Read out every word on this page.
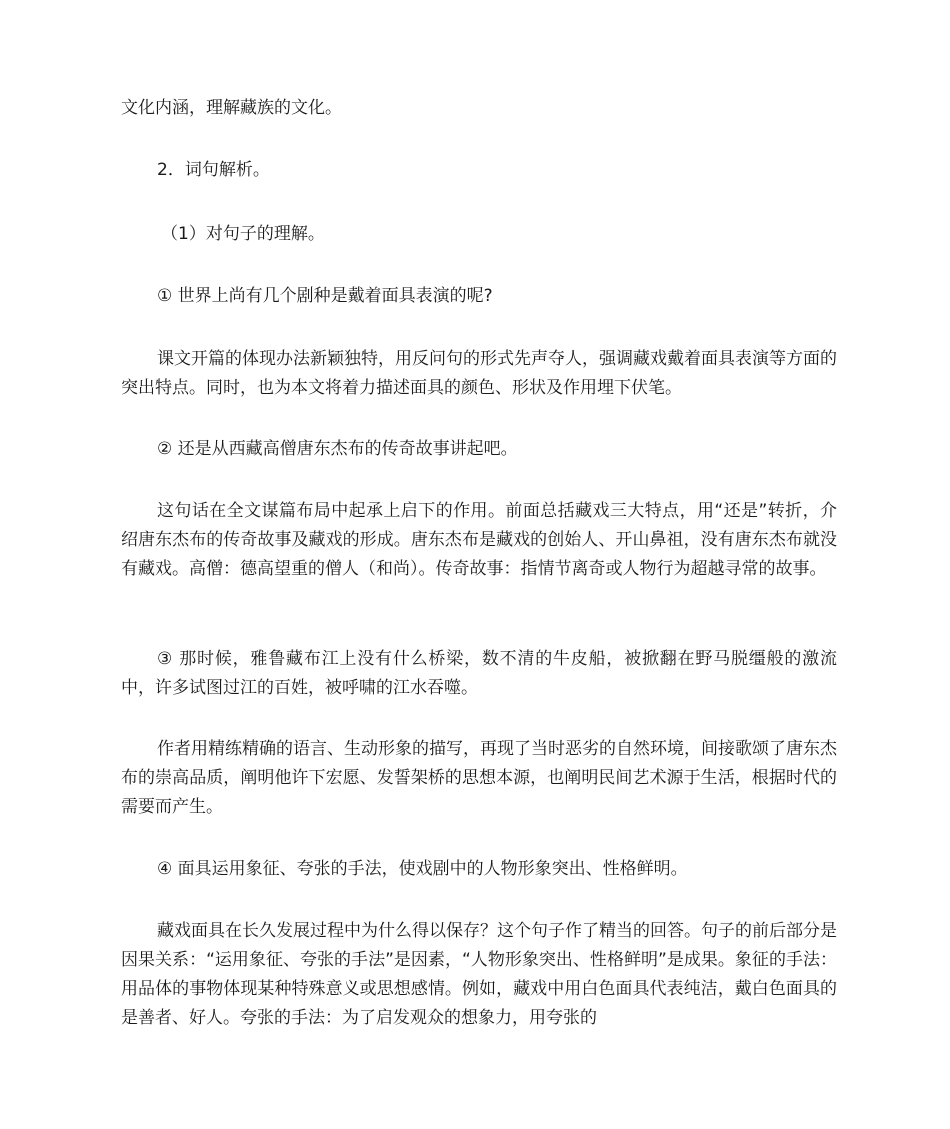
文化内涵，理解藏族的文化。

2．词句解析。

（1）对句子的理解。

① 世界上尚有几个剧种是戴着面具表演的呢?

课文开篇的体现办法新颖独特，用反问句的形式先声夺人，强调藏戏戴着面具表演等方面的突出特点。同时，也为本文将着力描述面具的颜色、形状及作用埋下伏笔。

② 还是从西藏高僧唐东杰布的传奇故事讲起吧。

这句话在全文谋篇布局中起承上启下的作用。前面总括藏戏三大特点，用“还是”转折，介绍唐东杰布的传奇故事及藏戏的形成。唐东杰布是藏戏的创始人、开山鼻祖，没有唐东杰布就没有藏戏。高僧：德高望重的僧人（和尚）。传奇故事：指情节离奇或人物行为超越寻常的故事。

③ 那时候，雅鲁藏布江上没有什么桥梁，数不清的牛皮船，被掀翻在野马脱缰般的激流中，许多试图过江的百姓，被呼啸的江水吞噬。

作者用精练精确的语言、生动形象的描写，再现了当时恶劣的自然环境，间接歌颂了唐东杰布的崇高品质，阐明他许下宏愿、发誓架桥的思想本源，也阐明民间艺术源于生活，根据时代的需要而产生。

④ 面具运用象征、夸张的手法，使戏剧中的人物形象突出、性格鲜明。

藏戏面具在长久发展过程中为什么得以保存？这个句子作了精当的回答。句子的前后部分是因果关系：“运用象征、夸张的手法”是因素，“人物形象突出、性格鲜明”是成果。象征的手法：用品体的事物体现某种特殊意义或思想感情。例如，藏戏中用白色面具代表纯洁，戴白色面具的是善者、好人。夸张的手法：为了启发观众的想象力，用夸张的
